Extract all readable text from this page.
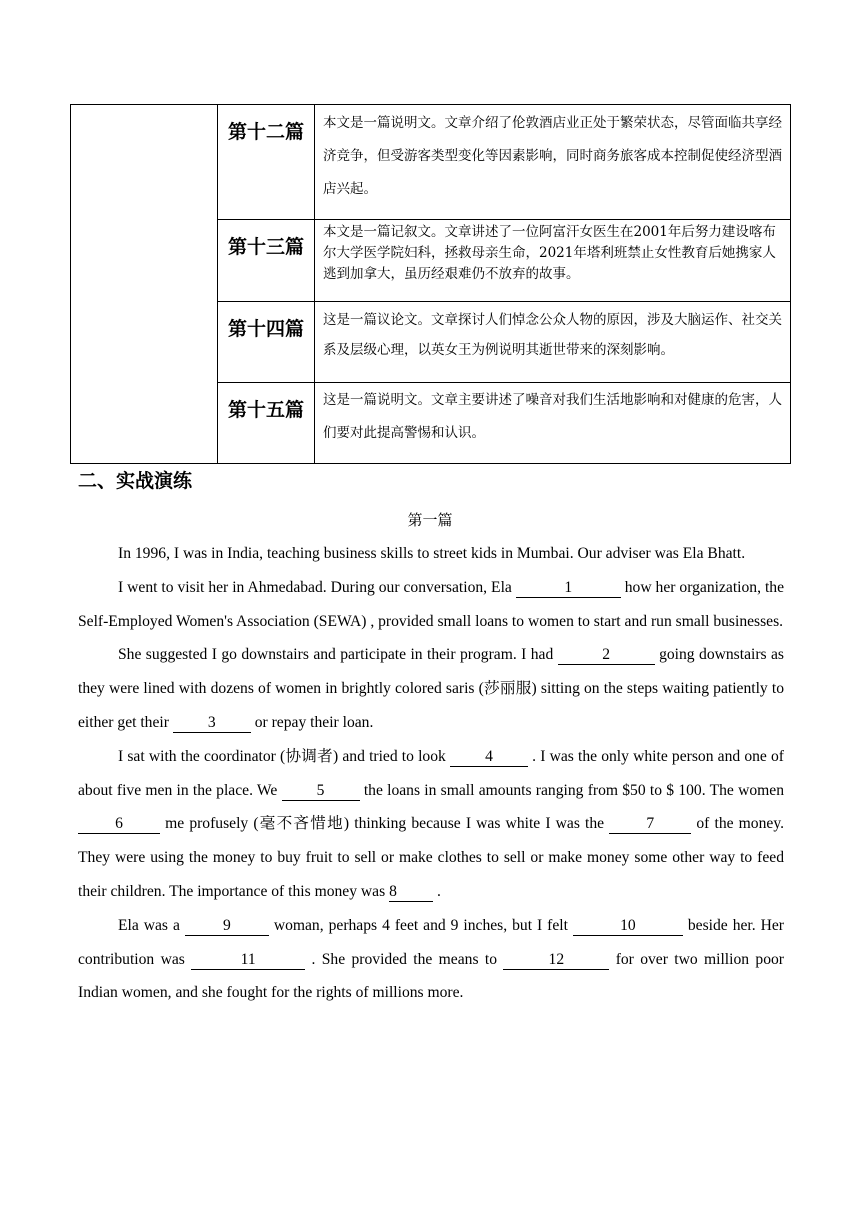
	第十二篇	本文是一篇说明文。文章介绍了伦敦酒店业正处于繁荣状态，尽管面临共享经济竞争，但受游客类型变化等因素影响，同时商务旅客成本控制促使经济型酒店兴起。
	第十三篇	本文是一篇记叙文。文章讲述了一位阿富汗女医生在2001年后努力建设喀布尔大学医学院妇科，拯救母亲生命，2021年塔利班禁止女性教育后她携家人逃到加拿大，虽历经艰难仍不放弃的故事。
	第十四篇	这是一篇议论文。文章探讨人们悼念公众人物的原因，涉及大脑运作、社交关系及层级心理，以英女王为例说明其逝世带来的深刻影响。
	第十五篇	这是一篇说明文。文章主要讲述了噪音对我们生活地影响和对健康的危害，人们要对此提高警惕和认识。
二、实战演练
第一篇

In 1996, I was in India, teaching business skills to street kids in Mumbai. Our adviser was Ela Bhatt.

I went to visit her in Ahmedabad. During our conversation, Ela	1	how her organization, the Self-Employed Women's Association (SEWA) , provided small loans to women to start and run small businesses.

She suggested I go downstairs and participate in their program. I had	2	going downstairs as they were lined with dozens of women in brightly colored saris (莎丽服) sitting on the steps waiting patiently to either get their 3 or repay their loan.

I sat with the coordinator (协调者) and tried to look 4 . I was the only white person and one of about five men in the place. We 5 the loans in small amounts ranging from $50 to $ 100. The women 6 me profusely (毫不吝惜地) thinking because I was white I was the 7 of the money. They were using the money to buy fruit to sell or make clothes to sell or make money some other way to feed their children. The importance of this money was 8 .

Ela was a 9 woman, perhaps 4 feet and 9 inches, but I felt	10	beside her. Her contribution was	11	. She provided the means to	12	for over two million poor Indian women, and she fought for the rights of millions more.
